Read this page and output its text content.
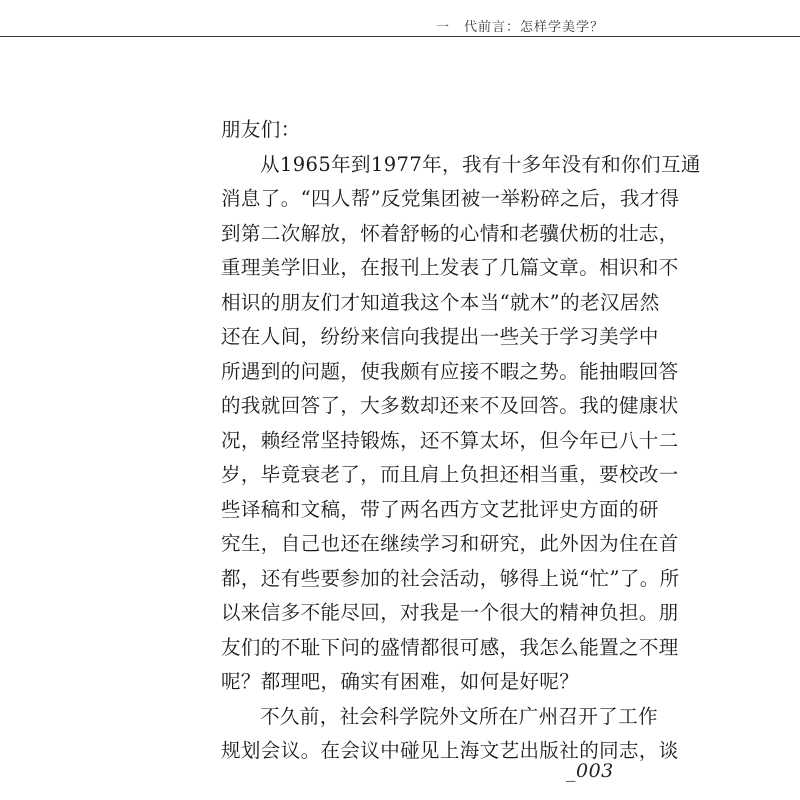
一　代前言：怎样学美学？
朋友们：
从1965年到1977年，我有十多年没有和你们互通
消息了。“四人帮”反党集团被一举粉碎之后，我才得
到第二次解放，怀着舒畅的心情和老骥伏枥的壮志，
重理美学旧业，在报刊上发表了几篇文章。相识和不
相识的朋友们才知道我这个本当“就木”的老汉居然
还在人间，纷纷来信向我提出一些关于学习美学中
所遇到的问题，使我颇有应接不暇之势。能抽暇回答
的我就回答了，大多数却还来不及回答。我的健康状
况，赖经常坚持锻炼，还不算太坏，但今年已八十二
岁，毕竟衰老了，而且肩上负担还相当重，要校改一
些译稿和文稿，带了两名西方文艺批评史方面的研
究生，自己也还在继续学习和研究，此外因为住在首
都，还有些要参加的社会活动，够得上说“忙”了。所
以来信多不能尽回，对我是一个很大的精神负担。朋
友们的不耻下问的盛情都很可感，我怎么能置之不理
呢？都理吧，确实有困难，如何是好呢？
不久前，社会科学院外文所在广州召开了工作
规划会议。在会议中碰见上海文艺出版社的同志，谈
_003
